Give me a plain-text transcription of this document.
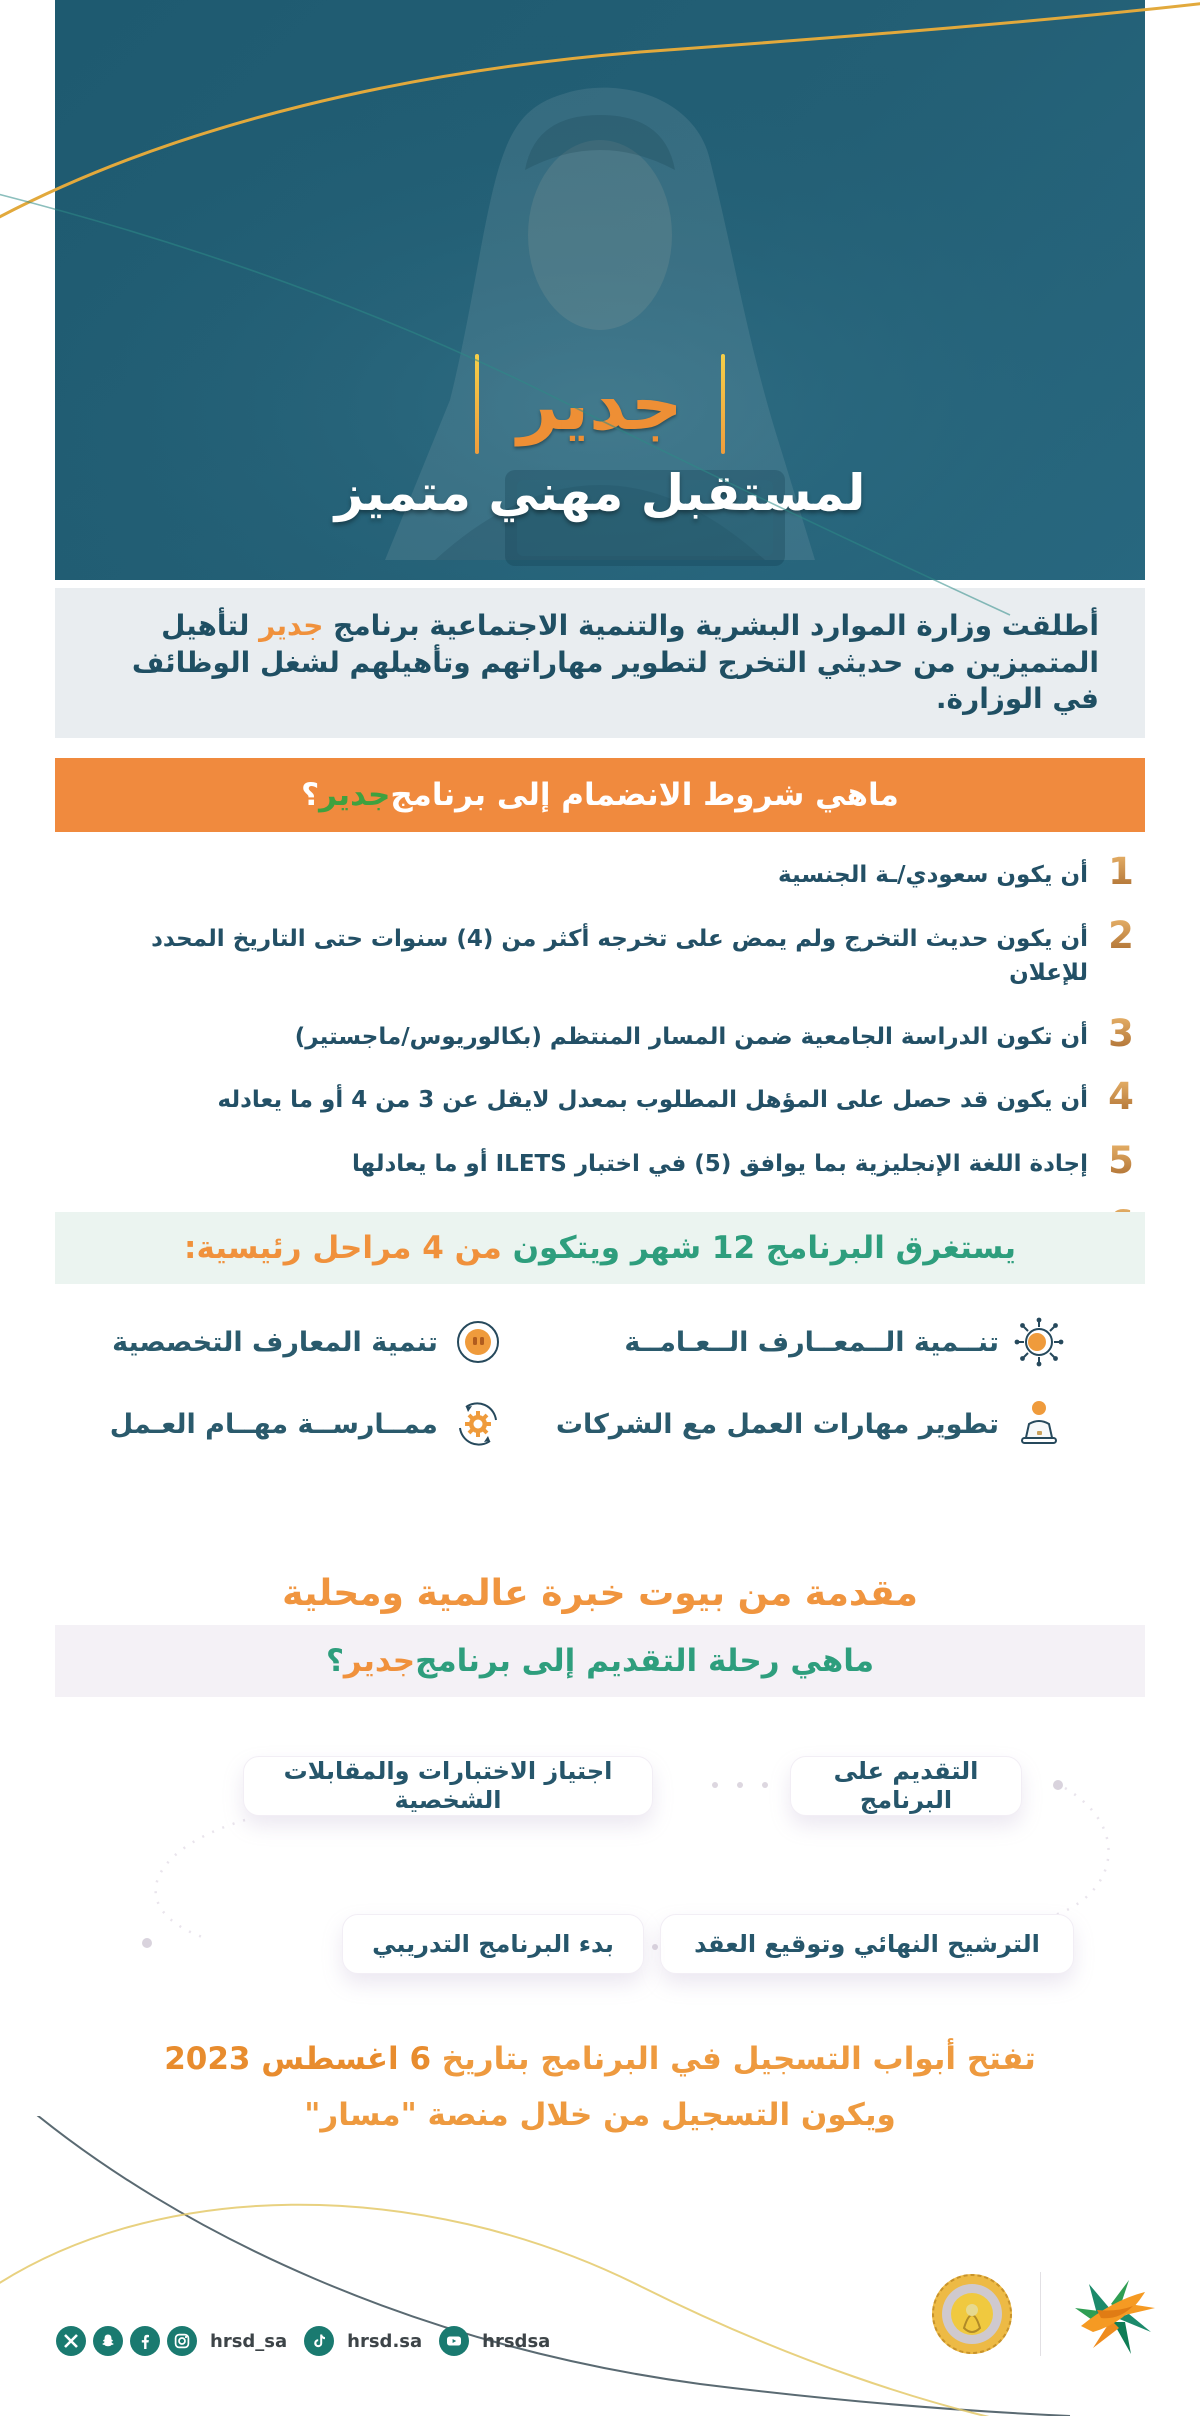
جدير
لمستقبل مهني متميز

أطلقت وزارة الموارد البشرية والتنمية الاجتماعية برنامج جدير لتأهيل المتميزين من حديثي التخرج لتطوير مهاراتهم وتأهيلهم لشغل الوظائف في الوزارة.

ماهي شروط الانضمام إلى برنامج
جدير
؟
1
أن يكون سعودي/ـة الجنسية
2
أن يكون حديث التخرج ولم يمض على تخرجه أكثر من (4) سنوات حتى التاريخ المحدد للإعلان
3
أن تكون الدراسة الجامعية ضمن المسار المنتظم (بكالوريوس/ماجستير)
4
أن يكون قد حصل على المؤهل المطلوب بمعدل لايقل عن 3 من 4 أو ما يعادله
5
إجادة اللغة الإنجليزية بما يوافق (5) في اختبار ILETS أو ما يعادلها
يستغرق البرنامج 12 شهر ويتكون

من 4 مراحل رئيسية:
تنــمية الــمعــارف الــعـامــة
تنمية المعارف التخصصية
تطوير مهارات العمل مع الشركات
ممــارســة مهــام العـمل
مقدمة من بيوت خبرة عالمية ومحلية
ماهي رحلة التقديم إلى برنامج
جدير
؟
التقديم على البرنامج
اجتياز الاختبارات والمقابلات الشخصية
الترشيح النهائي وتوقيع العقد
بدء البرنامج التدريبي
تفتح أبواب التسجيل في البرنامج بتاريخ 6 اغسطس 2023
ويكون التسجيل من خلال منصة "مسار"
hrsd_sa	hrsd.sa	hrsdsa
